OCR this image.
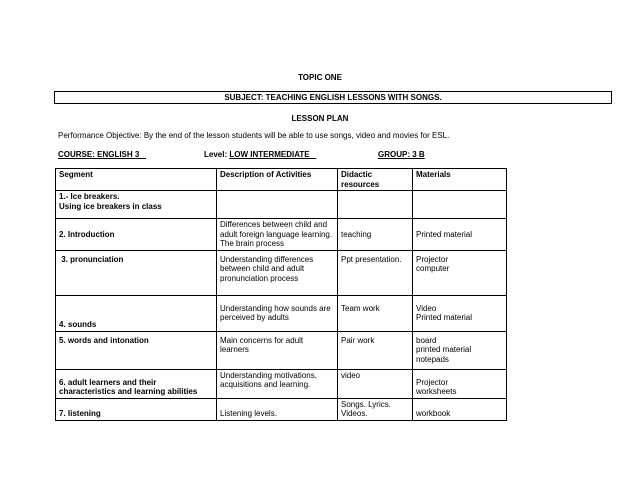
TOPIC ONE
SUBJECT: TEACHING ENGLISH LESSONS WITH SONGS.
LESSON PLAN
Performance Objective: By the end of the lesson students will be able to use songs, video and movies for ESL.
COURSE: ENGLISH 3	Level: LOW INTERMEDIATE	GROUP: 3 B
Segment	Description of Activities	Didactic
resources	Materials

1.- Ice breakers.
Using ice breakers in class			

2. Introduction	Differences between child and
adult foreign language learning.
The brain process	teaching	Printed material
3. pronunciation	Understanding differences
between child and adult
pronunciation process	Ppt presentation.	Projector
computer

4. sounds	Understanding how sounds are
perceived by adults	Team work	Video
Printed material

5. words and intonation	Main concerns for adult learners	Pair work	board
printed material
notepads

6. adult learners and their
characteristics and learning abilities	Understanding motivations,
acquisitions and learning.	video	Projector
worksheets

7. listening	Listening levels.	Songs. Lyrics.
Videos.	workbook
